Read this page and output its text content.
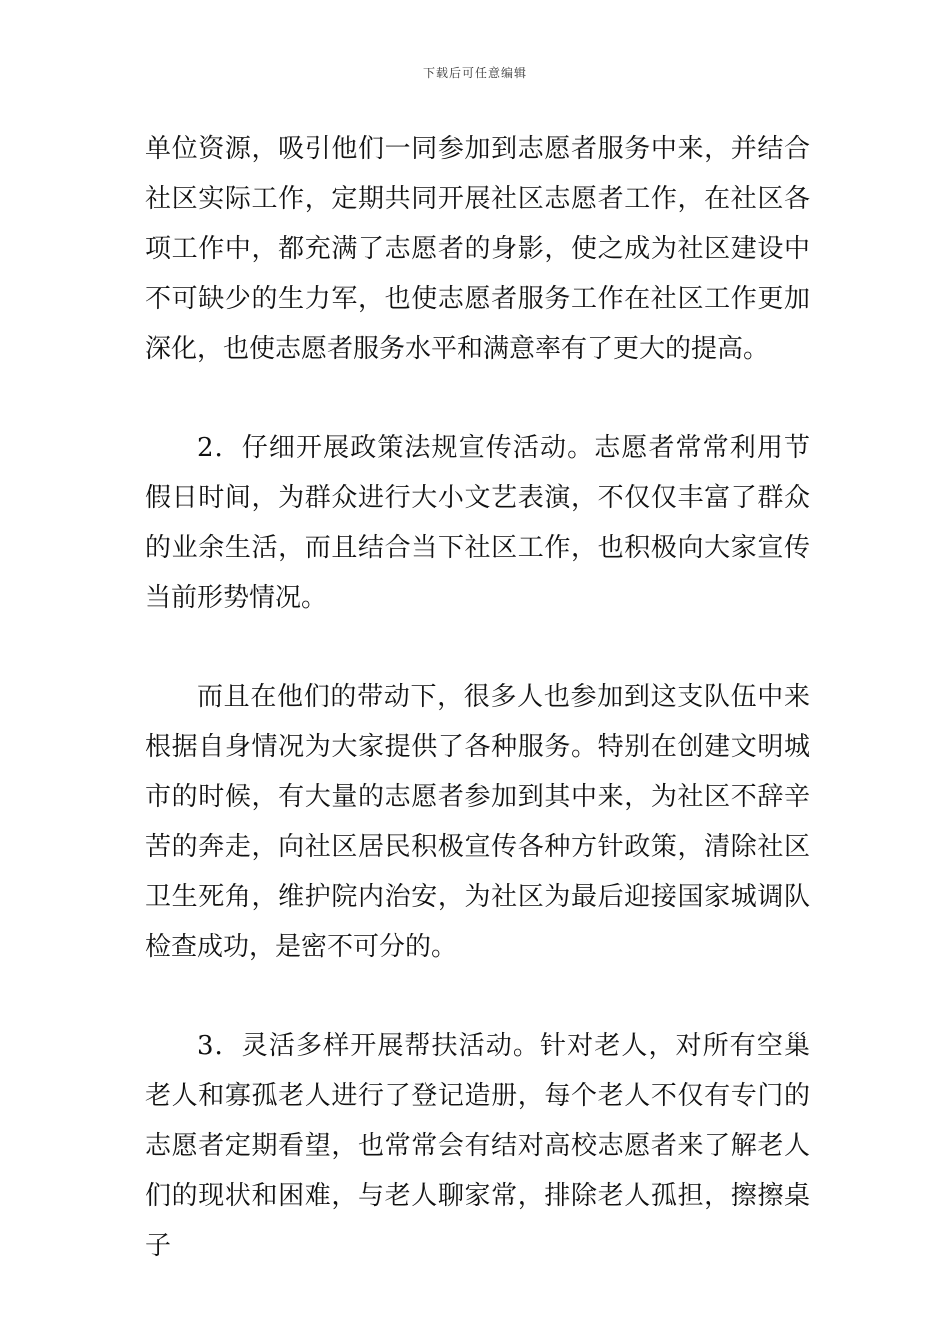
下载后可任意编辑

单位资源，吸引他们一同参加到志愿者服务中来，并结合社区实际工作，定期共同开展社区志愿者工作，在社区各项工作中，都充满了志愿者的身影，使之成为社区建设中不可缺少的生力军，也使志愿者服务工作在社区工作更加深化，也使志愿者服务水平和满意率有了更大的提高。

2．仔细开展政策法规宣传活动。志愿者常常利用节假日时间，为群众进行大小文艺表演，不仅仅丰富了群众的业余生活，而且结合当下社区工作，也积极向大家宣传当前形势情况。

而且在他们的带动下，很多人也参加到这支队伍中来根据自身情况为大家提供了各种服务。特别在创建文明城市的时候，有大量的志愿者参加到其中来，为社区不辞辛苦的奔走，向社区居民积极宣传各种方针政策，清除社区卫生死角，维护院内治安，为社区为最后迎接国家城调队检查成功，是密不可分的。

3．灵活多样开展帮扶活动。针对老人，对所有空巢老人和寡孤老人进行了登记造册，每个老人不仅有专门的志愿者定期看望，也常常会有结对高校志愿者来了解老人们的现状和困难，与老人聊家常，排除老人孤担，擦擦桌子
